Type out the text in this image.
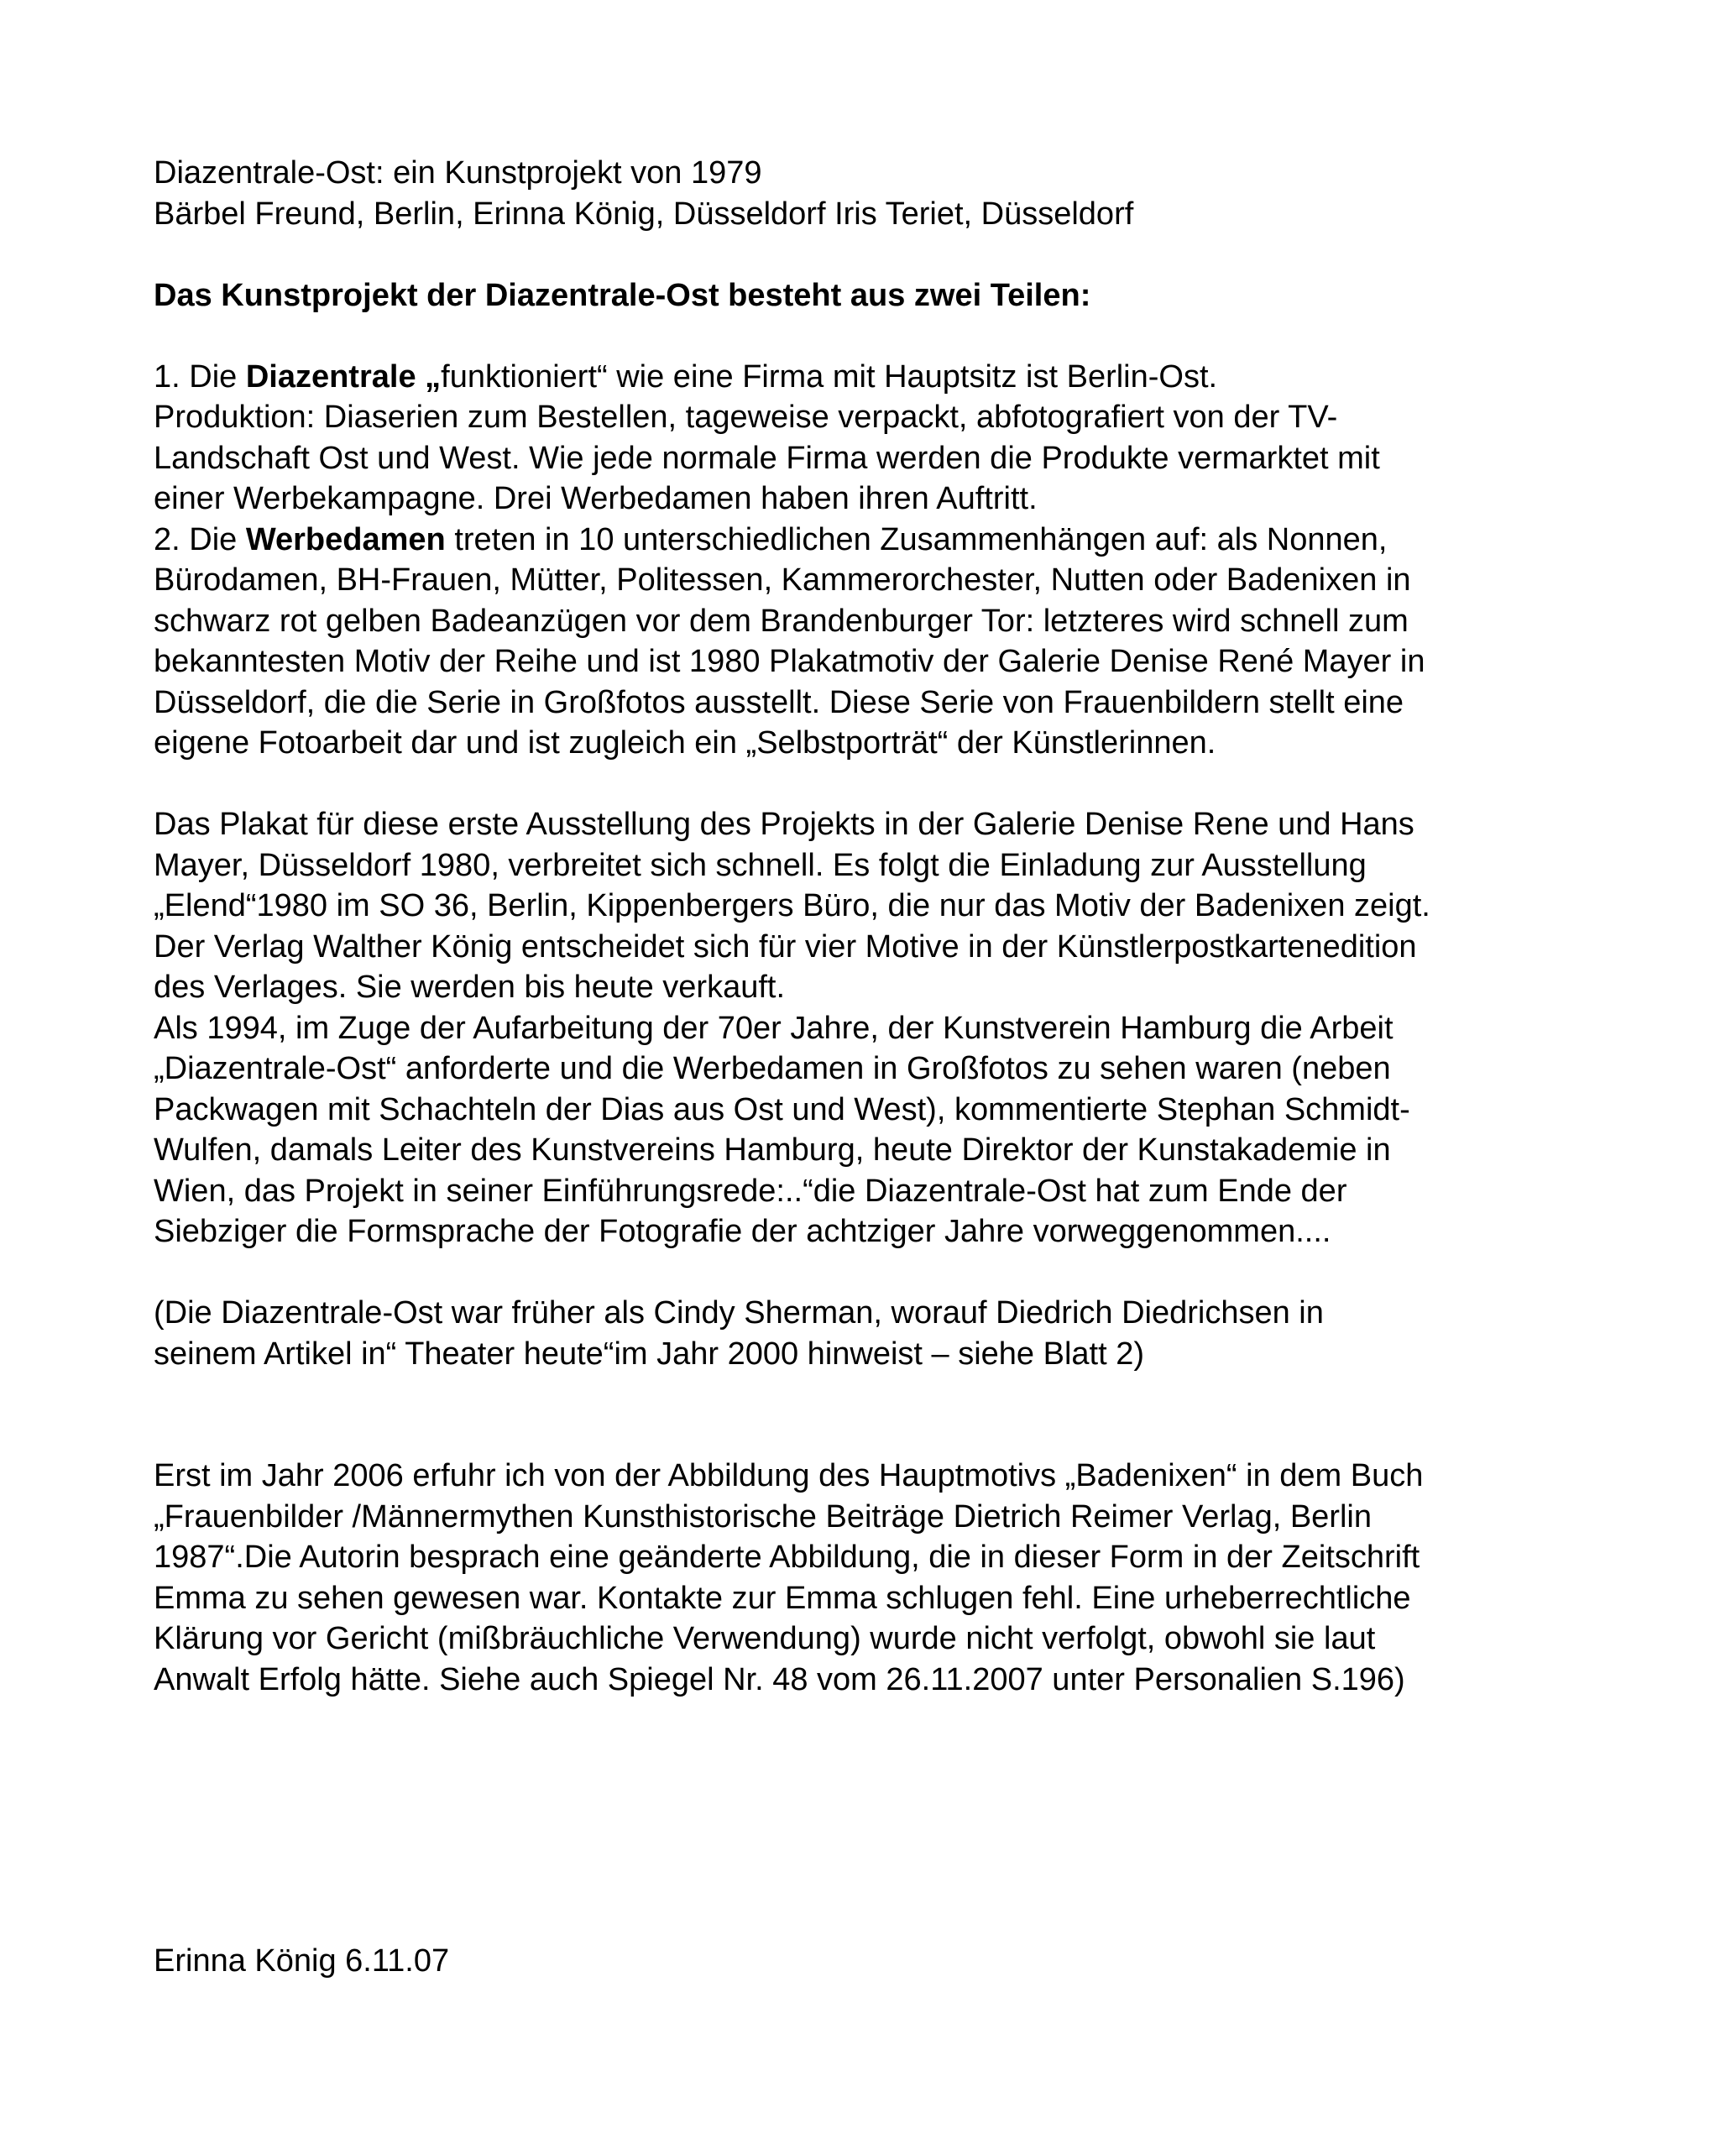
Diazentrale-Ost: ein Kunstprojekt von 1979
Bärbel Freund, Berlin, Erinna König, Düsseldorf Iris Teriet, Düsseldorf
Das Kunstprojekt der Diazentrale-Ost besteht aus zwei Teilen:
1. Die Diazentrale „funktioniert“ wie eine Firma mit Hauptsitz ist Berlin-Ost.
Produktion: Diaserien zum Bestellen, tageweise verpackt, abfotografiert von der TV-
Landschaft Ost und West. Wie jede normale Firma werden die Produkte vermarktet mit
einer Werbekampagne. Drei Werbedamen haben ihren Auftritt.
2. Die Werbedamen treten in 10 unterschiedlichen Zusammenhängen auf: als Nonnen,
Bürodamen, BH-Frauen, Mütter, Politessen, Kammerorchester, Nutten oder Badenixen in
schwarz rot gelben Badeanzügen vor dem Brandenburger Tor: letzteres wird schnell zum
bekanntesten Motiv der Reihe und ist 1980 Plakatmotiv der Galerie Denise René Mayer in
Düsseldorf, die die Serie in Großfotos ausstellt. Diese Serie von Frauenbildern stellt eine
eigene Fotoarbeit dar und ist zugleich ein „Selbstporträt“ der Künstlerinnen.
Das Plakat für diese erste Ausstellung des Projekts in der Galerie Denise Rene und Hans
Mayer, Düsseldorf 1980, verbreitet sich schnell. Es folgt die Einladung zur Ausstellung
„Elend“1980 im SO 36, Berlin, Kippenbergers Büro, die nur das Motiv der Badenixen zeigt.
Der Verlag Walther König entscheidet sich für vier Motive in der Künstlerpostkartenedition
des Verlages. Sie werden bis heute verkauft.
Als 1994, im Zuge der Aufarbeitung der 70er Jahre, der Kunstverein Hamburg die Arbeit
„Diazentrale-Ost“ anforderte und die Werbedamen in Großfotos zu sehen waren (neben
Packwagen mit Schachteln der Dias aus Ost und West), kommentierte Stephan Schmidt-
Wulfen, damals Leiter des Kunstvereins Hamburg, heute Direktor der Kunstakademie in
Wien, das Projekt in seiner Einführungsrede:..“die Diazentrale-Ost hat zum Ende der
Siebziger die Formsprache der Fotografie der achtziger Jahre vorweggenommen....
(Die Diazentrale-Ost war früher als Cindy Sherman, worauf Diedrich Diedrichsen in
seinem Artikel in“ Theater heute“im Jahr 2000 hinweist – siehe Blatt 2)
Erst im Jahr 2006 erfuhr ich von der Abbildung des Hauptmotivs „Badenixen“ in dem Buch
„Frauenbilder /Männermythen Kunsthistorische Beiträge Dietrich Reimer Verlag, Berlin
1987“.Die Autorin besprach eine geänderte Abbildung, die in dieser Form in der Zeitschrift
Emma zu sehen gewesen war. Kontakte zur Emma schlugen fehl. Eine urheberrechtliche
Klärung vor Gericht (mißbräuchliche Verwendung) wurde nicht verfolgt, obwohl sie laut
Anwalt Erfolg hätte. Siehe auch Spiegel Nr. 48 vom 26.11.2007 unter Personalien S.196)
Erinna König 6.11.07
